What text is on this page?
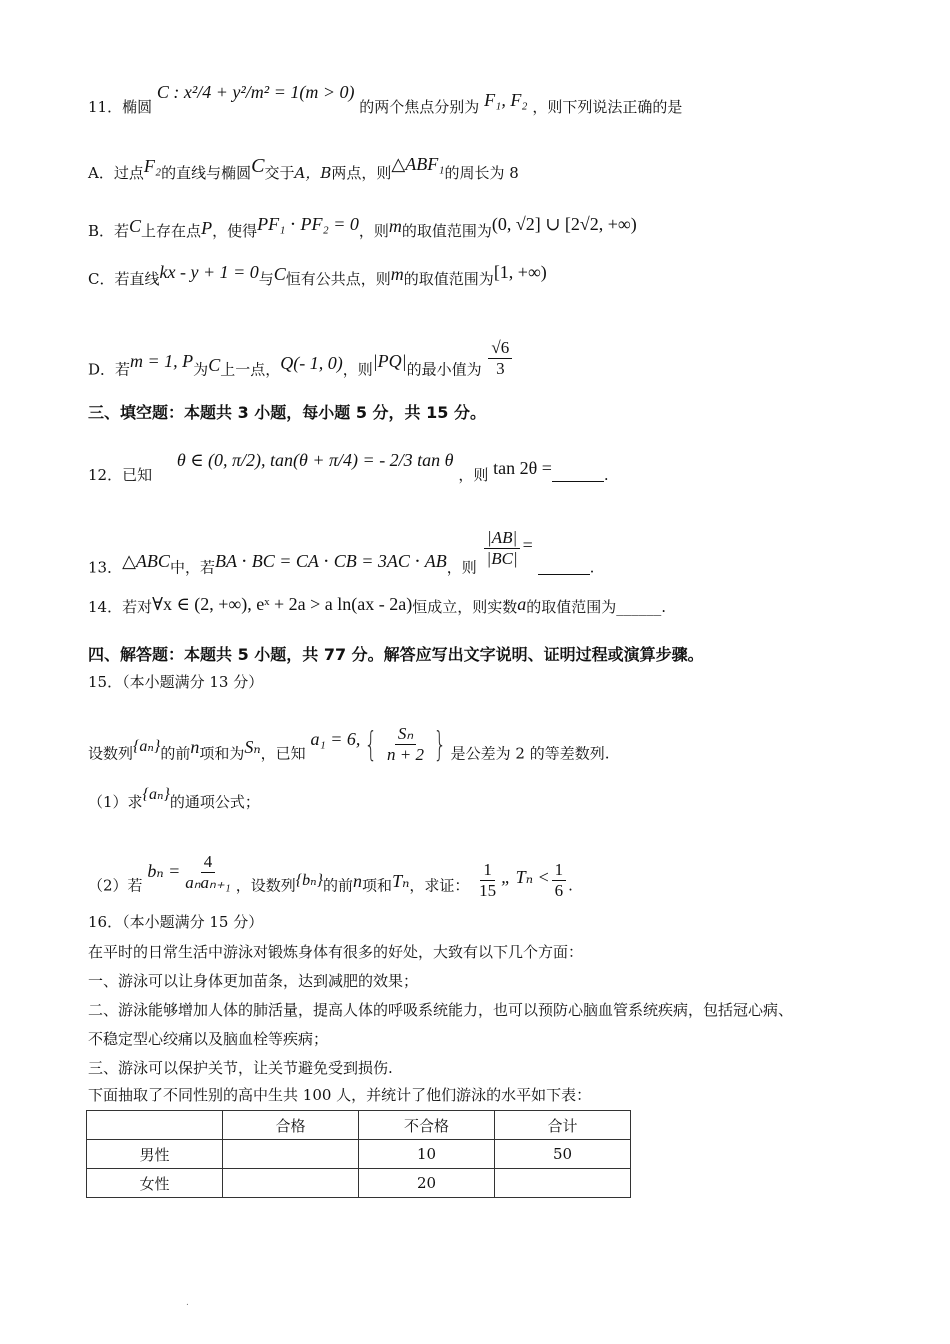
11．椭圆 C : x²/4 + y²/m² = 1(m > 0) 的两个焦点分别为 F₁, F₂ ，则下列说法正确的是
A．过点F₂的直线与椭圆C交于A，B两点，则△ABF₁的周长为 8
B．若C上存在点P，使得PF₁ ⋅ PF₂ = 0，则m的取值范围为(0, √2] ∪ [2√2, +∞)
C．若直线kx - y + 1 = 0与C恒有公共点，则m的取值范围为[1, +∞)
D．若m = 1, P为C上一点，Q(- 1, 0)，则|PQ|的最小值为 $\frac{√6}{3}$
三、填空题：本题共 3 小题，每小题 5 分，共 15 分。
12．已知 θ ∈ (0, π/2), tan(θ + π/4) = - 2/3 tan θ ，则 tan 2θ =	.
13．△ABC中，若BA ⋅ BC = CA ⋅ CB = 3AC ⋅ AB，则 $\frac{|AB|}{|BC|}$ = .
14．若对∀x ∈ (2, +∞), eˣ + 2a > a ln(ax - 2a)恒成立，则实数a的取值范围为______.
四、解答题：本题共 5 小题，共 77 分。解答应写出文字说明、证明过程或演算步骤。
15．（本小题满分 13 分）
设数列{aₙ}的前n项和为Sₙ，已知 a₁ = 6, { $\frac{\text{Sₙ}}{n + 2}$ } 是公差为 2 的等差数列.
（1）求{aₙ}的通项公式；
（2）若 $b_n = \frac{4}{\text{aₙaₙ₊₁}}$ ，设数列{bₙ}的前n项和Tₙ，求证： $\frac{1}{15}$ „ $T_n < \frac{1}{6}$ .
16．（本小题满分 15 分）
在平时的日常生活中游泳对锻炼身体有很多的好处，大致有以下几个方面：
一、游泳可以让身体更加苗条，达到减肥的效果；
二、游泳能够增加人体的肺活量，提高人体的呼吸系统能力，也可以预防心脑血管系统疾病，包括冠心病、
不稳定型心绞痛以及脑血栓等疾病；
三、游泳可以保护关节，让关节避免受到损伤.
下面抽取了不同性别的高中生共 100 人，并统计了他们游泳的水平如下表：
	合格	不合格	合计
男性		10	50
女性		20	
.
